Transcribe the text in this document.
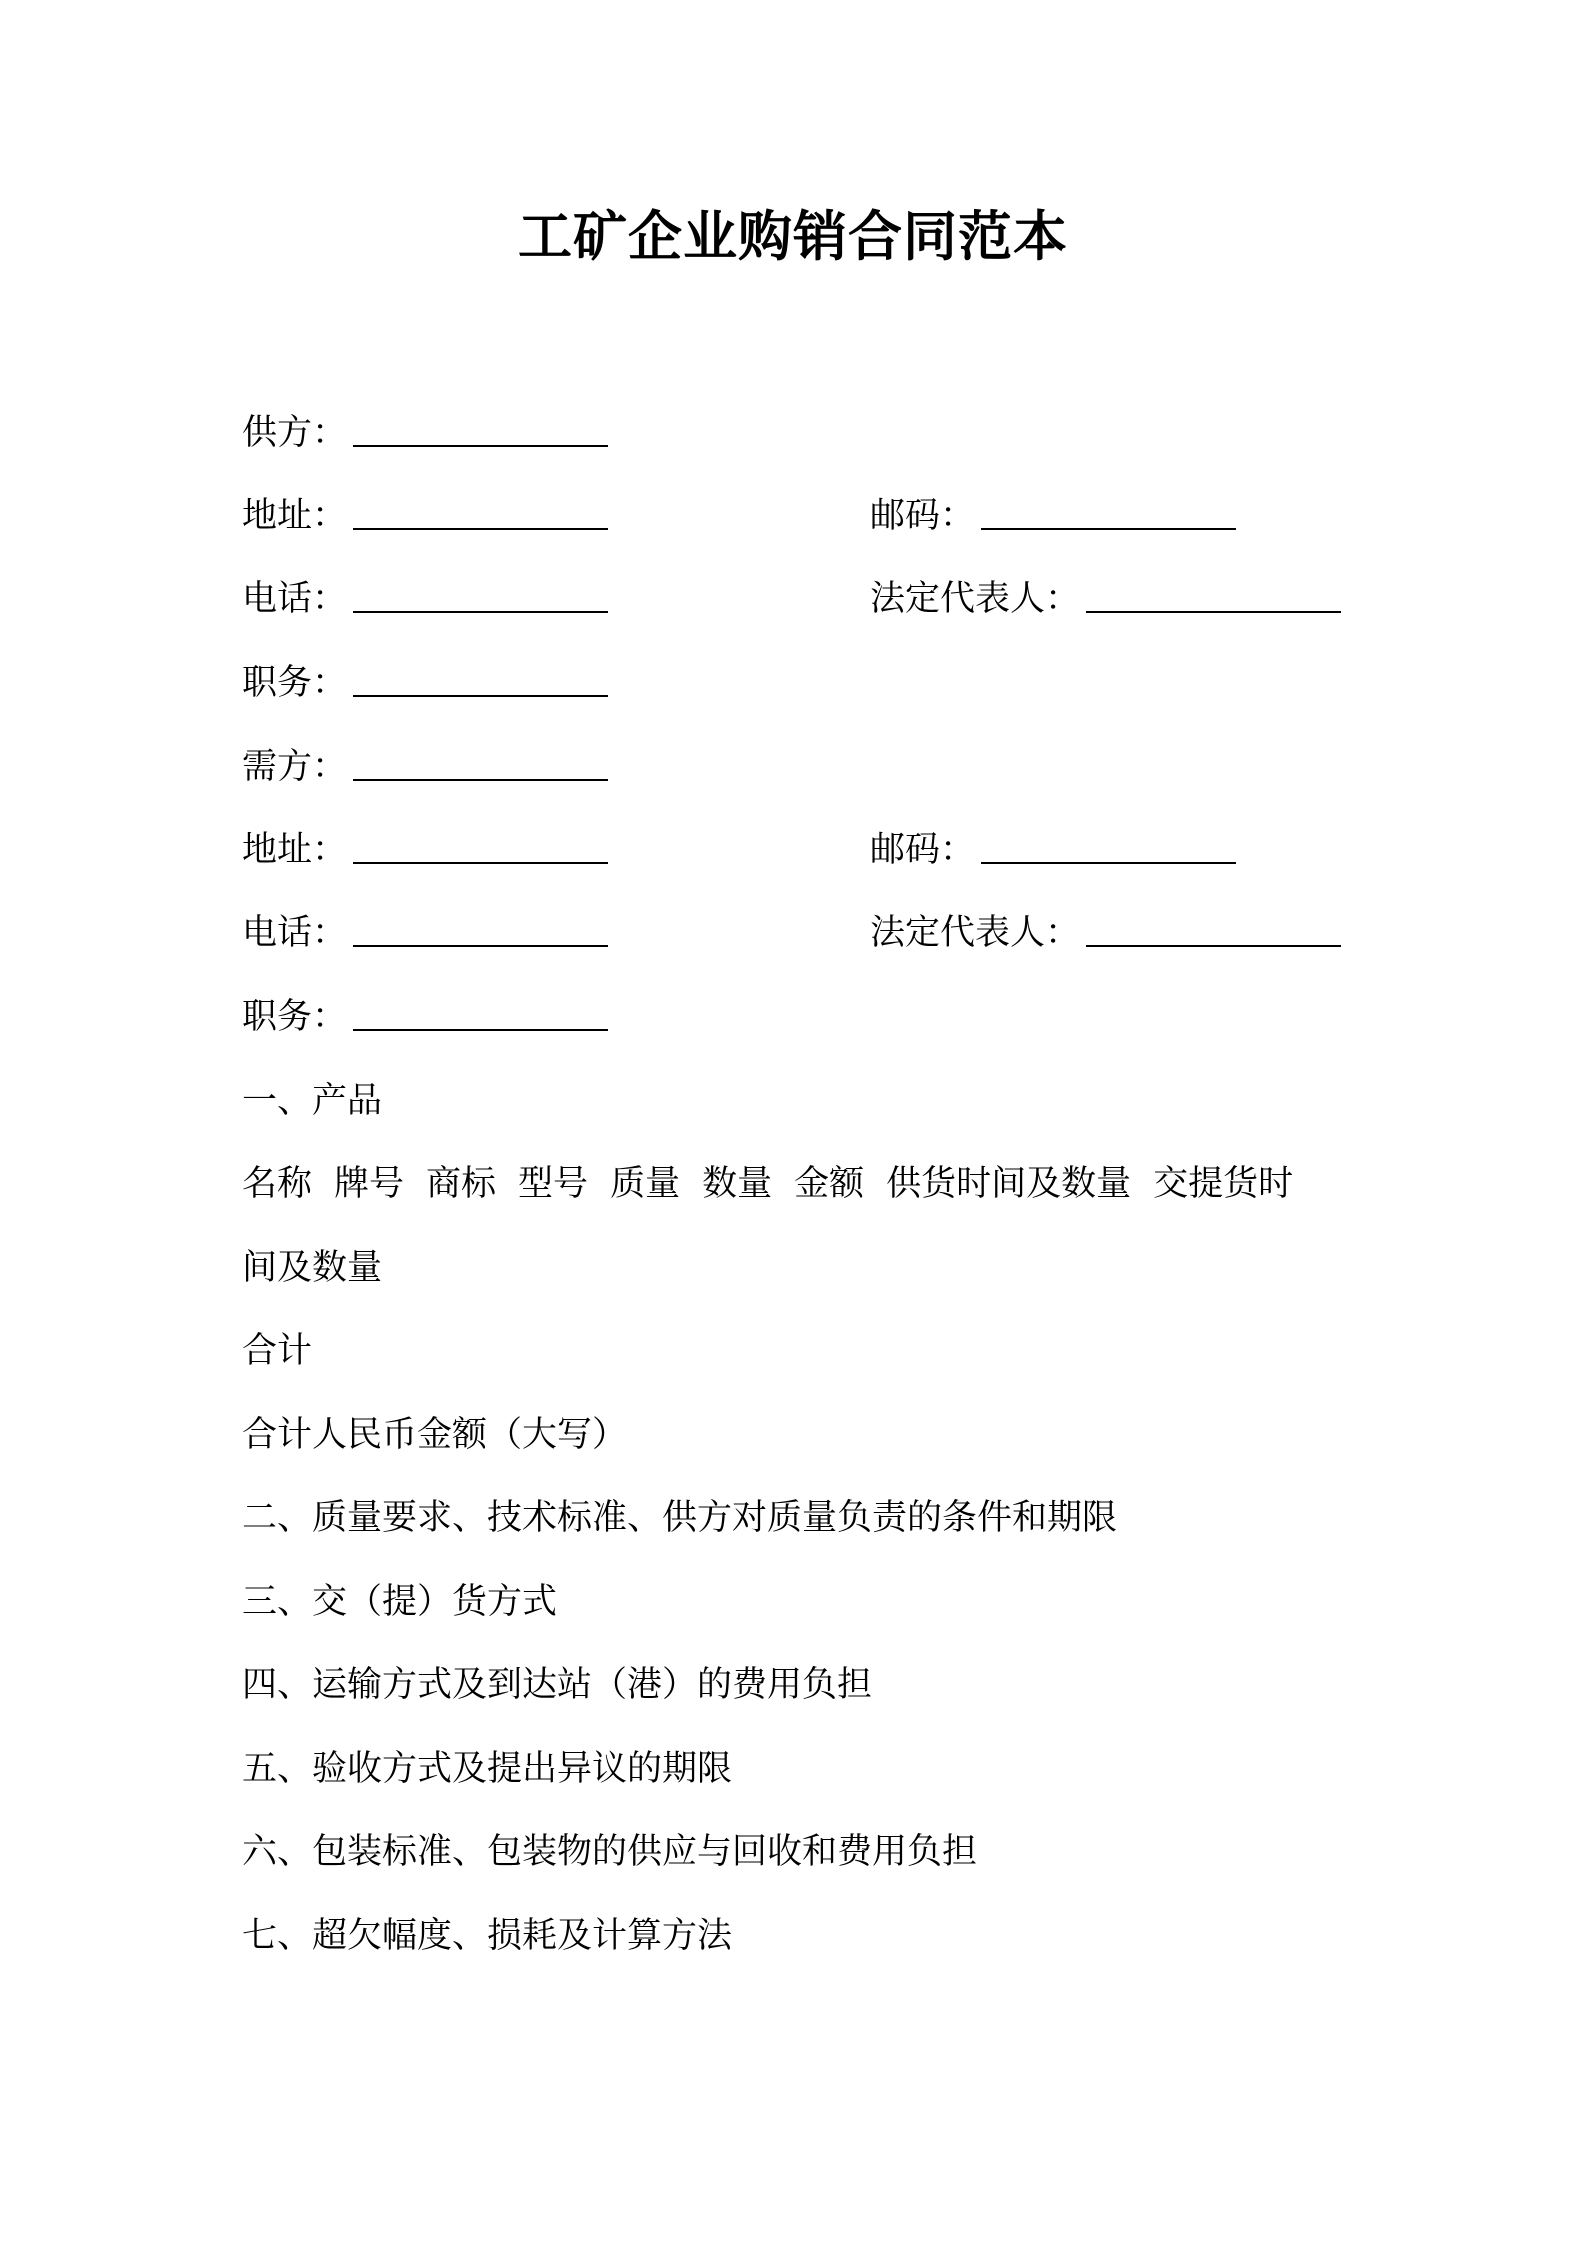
工矿企业购销合同范本
供方：
地址：	邮码：
电话：	法定代表人：
职务：
需方：
地址：	邮码：
电话：	法定代表人：
职务：
一、产品
名称 牌号 商标 型号 质量 数量 金额 供货时间及数量 交提货时
间及数量
合计
合计人民币金额（大写）
二、质量要求、技术标准、供方对质量负责的条件和期限
三、交（提）货方式
四、运输方式及到达站（港）的费用负担
五、验收方式及提出异议的期限
六、包装标准、包装物的供应与回收和费用负担
七、超欠幅度、损耗及计算方法
